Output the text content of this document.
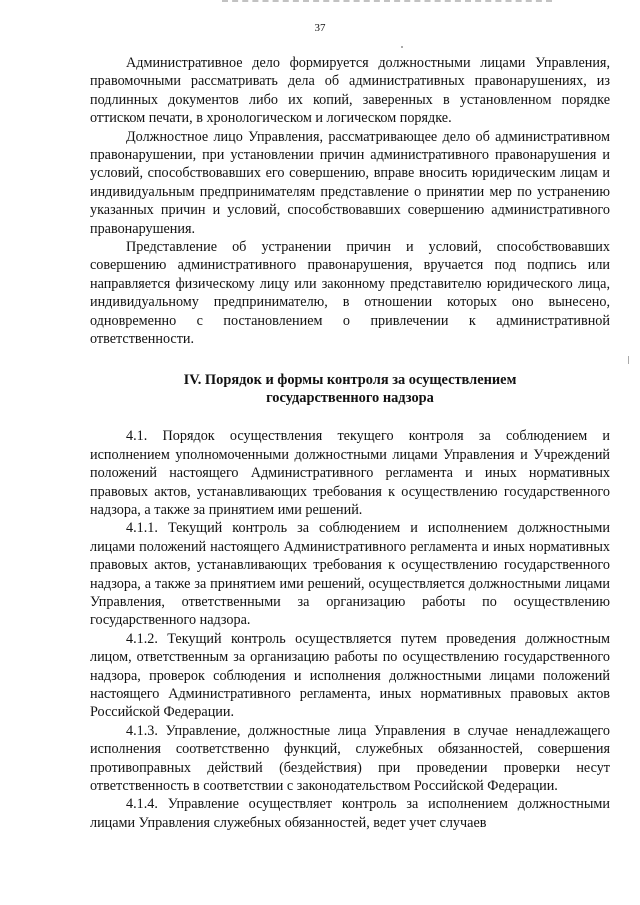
37

Административное дело формируется должностными лицами Управления, правомочными рассматривать дела об административных правонарушениях, из подлинных документов либо их копий, заверенных в установленном порядке оттиском печати, в хронологическом и логическом порядке.

Должностное лицо Управления, рассматривающее дело об административном правонарушении, при установлении причин административного правонарушения и условий, способствовавших его совершению, вправе вносить юридическим лицам и индивидуальным предпринимателям представление о принятии мер по устранению указанных причин и условий, способствовавших совершению административного правонарушения.

Представление об устранении причин и условий, способствовавших совершению административного правонарушения, вручается под подпись или направляется физическому лицу или законному представителю юридического лица, индивидуальному предпринимателю, в отношении которых оно вынесено, одновременно с постановлением о привлечении к административной ответственности.

IV. Порядок и формы контроля за осуществлением государственного надзора

4.1. Порядок осуществления текущего контроля за соблюдением и исполнением уполномоченными должностными лицами Управления и Учреждений положений настоящего Административного регламента и иных нормативных правовых актов, устанавливающих требования к осуществлению государственного надзора, а также за принятием ими решений.

4.1.1. Текущий контроль за соблюдением и исполнением должностными лицами положений настоящего Административного регламента и иных нормативных правовых актов, устанавливающих требования к осуществлению государственного надзора, а также за принятием ими решений, осуществляется должностными лицами Управления, ответственными за организацию работы по осуществлению государственного надзора.

4.1.2. Текущий контроль осуществляется путем проведения должностным лицом, ответственным за организацию работы по осуществлению государственного надзора, проверок соблюдения и исполнения должностными лицами положений настоящего Административного регламента, иных нормативных правовых актов Российской Федерации.

4.1.3. Управление, должностные лица Управления в случае ненадлежащего исполнения соответственно функций, служебных обязанностей, совершения противоправных действий (бездействия) при проведении проверки несут ответственность в соответствии с законодательством Российской Федерации.

4.1.4. Управление осуществляет контроль за исполнением должностными лицами Управления служебных обязанностей, ведет учет случаев
